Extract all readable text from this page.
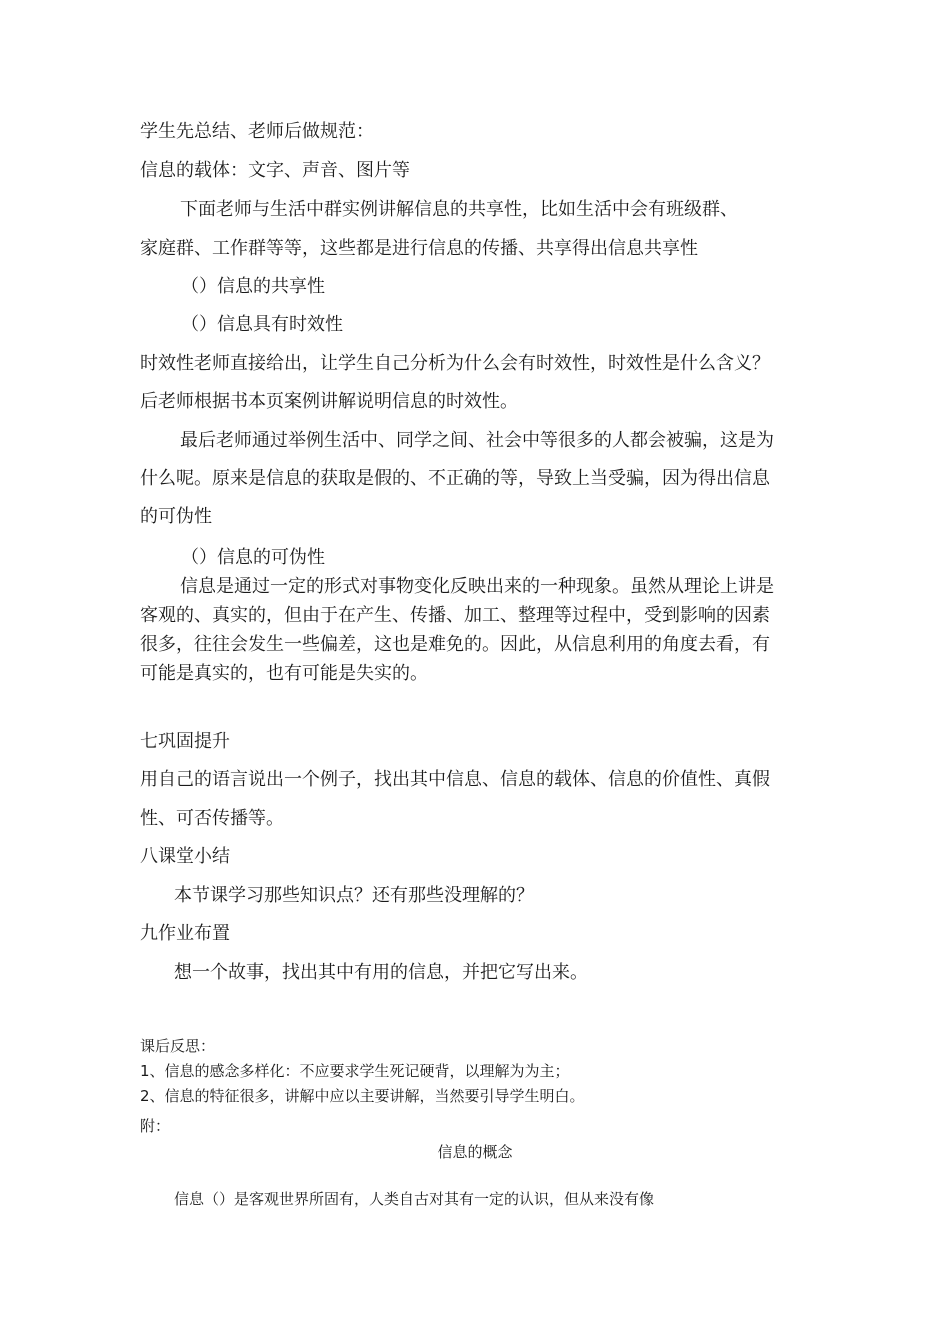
学生先总结、老师后做规范：
信息的载体：文字、声音、图片等
下面老师与生活中群实例讲解信息的共享性，比如生活中会有班级群、
家庭群、工作群等等，这些都是进行信息的传播、共享得出信息共享性
（）信息的共享性
（）信息具有时效性
时效性老师直接给出，让学生自己分析为什么会有时效性，时效性是什么含义？
后老师根据书本页案例讲解说明信息的时效性。
最后老师通过举例生活中、同学之间、社会中等很多的人都会被骗，这是为
什么呢。原来是信息的获取是假的、不正确的等，导致上当受骗，因为得出信息
的可伪性
（）信息的可伪性
信息是通过一定的形式对事物变化反映出来的一种现象。虽然从理论上讲是
客观的、真实的，但由于在产生、传播、加工、整理等过程中，受到影响的因素
很多，往往会发生一些偏差，这也是难免的。因此，从信息利用的角度去看，有
可能是真实的，也有可能是失实的。
七巩固提升
用自己的语言说出一个例子，找出其中信息、信息的载体、信息的价值性、真假
性、可否传播等。
八课堂小结
本节课学习那些知识点？还有那些没理解的？
九作业布置
想一个故事，找出其中有用的信息，并把它写出来。
课后反思：
1、信息的感念多样化：不应要求学生死记硬背，以理解为为主；
2、信息的特征很多，讲解中应以主要讲解，当然要引导学生明白。
附：
信息的概念
信息（）是客观世界所固有，人类自古对其有一定的认识，但从来没有像
